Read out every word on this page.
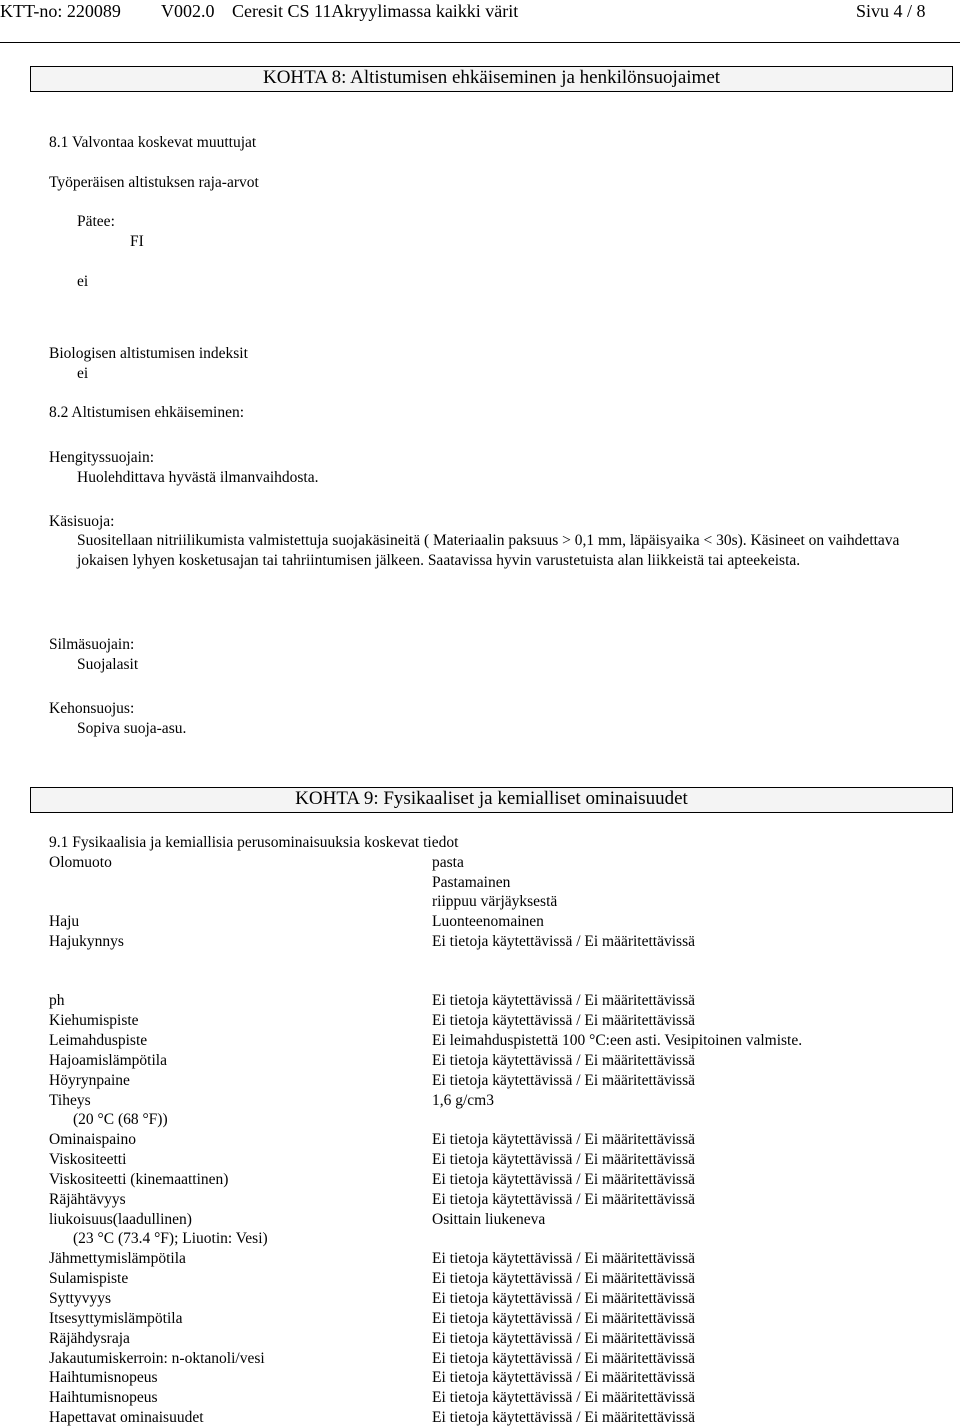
KTT-no: 220089 V002.0 Ceresit CS 11Akryylimassa kaikki värit	Sivu 4 / 8
KOHTA 8: Altistumisen ehkäiseminen ja henkilönsuojaimet
8.1 Valvontaa koskevat muuttujat
Työperäisen altistuksen raja-arvot
Pätee:
FI
ei
Biologisen altistumisen indeksit
ei
8.2 Altistumisen ehkäiseminen:
Hengityssuojain:
Huolehdittava hyvästä ilmanvaihdosta.
Käsisuoja:
Suositellaan nitriilikumista valmistettuja suojakäsineitä ( Materiaalin paksuus > 0,1 mm, läpäisyaika < 30s). Käsineet on vaihdettava jokaisen lyhyen kosketusajan tai tahriintumisen jälkeen. Saatavissa hyvin varustetuista alan liikkeistä tai apteekeista.
Silmäsuojain:
Suojalasit
Kehonsuojus:
Sopiva suoja-asu.
KOHTA 9: Fysikaaliset ja kemialliset ominaisuudet
9.1 Fysikaalisia ja kemiallisia perusominaisuuksia koskevat tiedot
Olomuoto	pasta
Pastamainen
riippuu värjäyksestä
Haju	Luonteenomainen
Hajukynnys	Ei tietoja käytettävissä / Ei määritettävissä
ph	Ei tietoja käytettävissä / Ei määritettävissä
Kiehumispiste	Ei tietoja käytettävissä / Ei määritettävissä
Leimahduspiste	Ei leimahduspistettä 100 °C:een asti. Vesipitoinen valmiste.
Hajoamislämpötila	Ei tietoja käytettävissä / Ei määritettävissä
Höyrynpaine	Ei tietoja käytettävissä / Ei määritettävissä
Tiheys	1,6 g/cm3
(20 °C (68 °F))
Ominaispaino	Ei tietoja käytettävissä / Ei määritettävissä
Viskositeetti	Ei tietoja käytettävissä / Ei määritettävissä
Viskositeetti (kinemaattinen)	Ei tietoja käytettävissä / Ei määritettävissä
Räjähtävyys	Ei tietoja käytettävissä / Ei määritettävissä
liukoisuus(laadullinen)	Osittain liukeneva
(23 °C (73.4 °F); Liuotin: Vesi)
Jähmettymislämpötila	Ei tietoja käytettävissä / Ei määritettävissä
Sulamispiste	Ei tietoja käytettävissä / Ei määritettävissä
Syttyvyys	Ei tietoja käytettävissä / Ei määritettävissä
Itsesyttymislämpötila	Ei tietoja käytettävissä / Ei määritettävissä
Räjähdysraja	Ei tietoja käytettävissä / Ei määritettävissä
Jakautumiskerroin: n-oktanoli/vesi	Ei tietoja käytettävissä / Ei määritettävissä
Haihtumisnopeus	Ei tietoja käytettävissä / Ei määritettävissä
Haihtumisnopeus	Ei tietoja käytettävissä / Ei määritettävissä
Hapettavat ominaisuudet	Ei tietoja käytettävissä / Ei määritettävissä
